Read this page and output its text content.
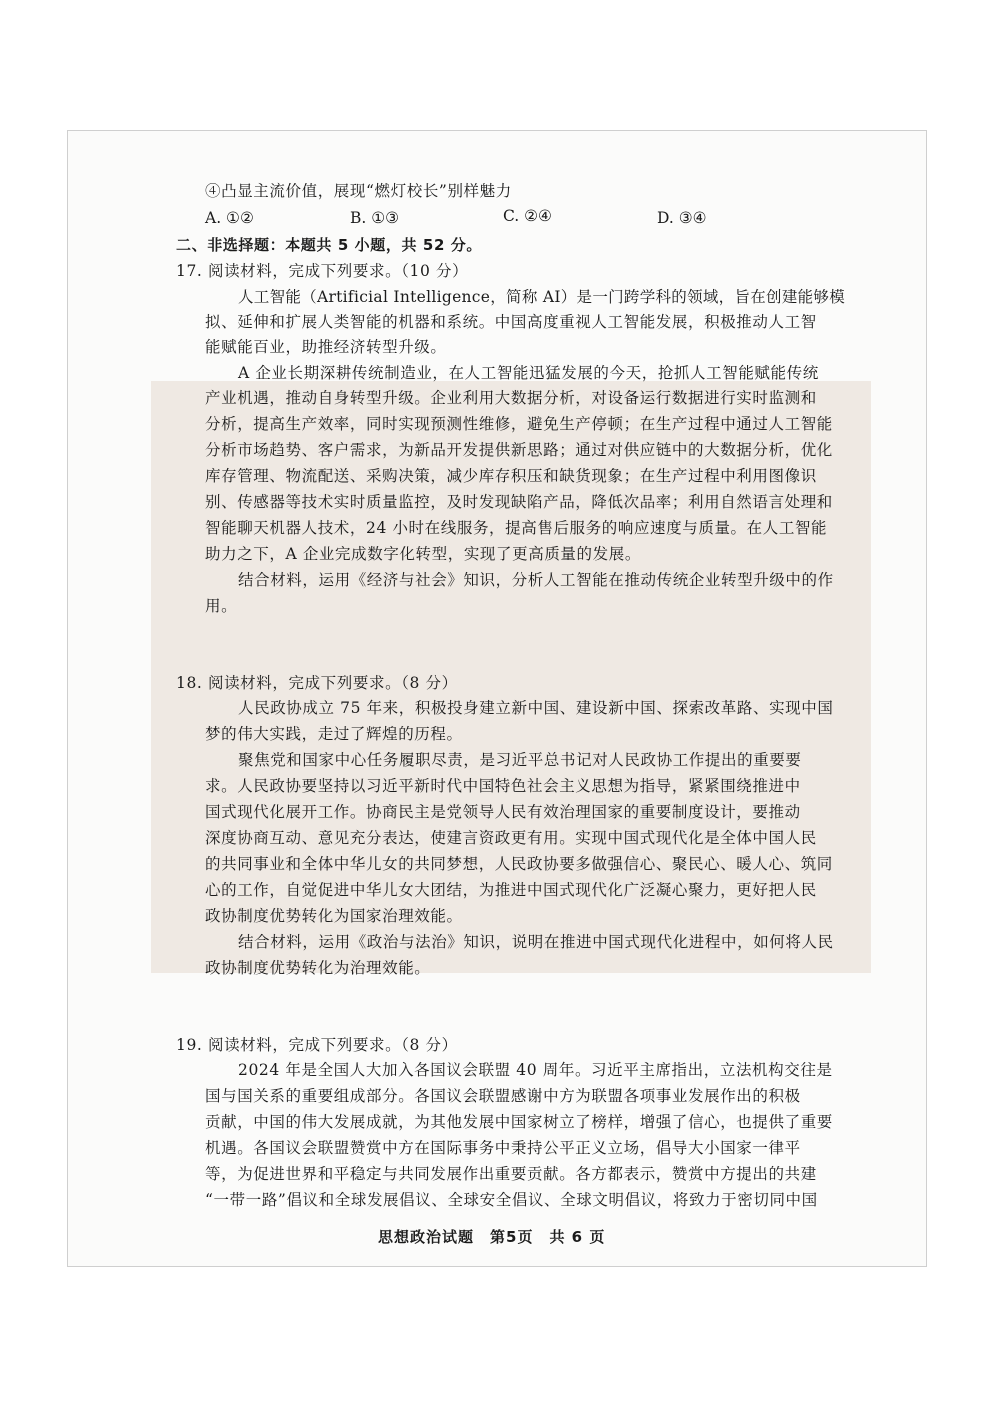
④凸显主流价值，展现“燃灯校长”别样魅力
A. ①②	B. ①③	C. ②④	D. ③④
二、非选择题：本题共 5 小题，共 52 分。
17. 阅读材料，完成下列要求。（10 分）
人工智能（Artificial Intelligence，简称 AI）是一门跨学科的领域，旨在创建能够模
拟、延伸和扩展人类智能的机器和系统。中国高度重视人工智能发展，积极推动人工智
能赋能百业，助推经济转型升级。
A 企业长期深耕传统制造业，在人工智能迅猛发展的今天，抢抓人工智能赋能传统
产业机遇，推动自身转型升级。企业利用大数据分析，对设备运行数据进行实时监测和
分析，提高生产效率，同时实现预测性维修，避免生产停顿；在生产过程中通过人工智能
分析市场趋势、客户需求，为新品开发提供新思路；通过对供应链中的大数据分析，优化
库存管理、物流配送、采购决策，减少库存积压和缺货现象；在生产过程中利用图像识
别、传感器等技术实时质量监控，及时发现缺陷产品，降低次品率；利用自然语言处理和
智能聊天机器人技术，24 小时在线服务，提高售后服务的响应速度与质量。在人工智能
助力之下，A 企业完成数字化转型，实现了更高质量的发展。
结合材料，运用《经济与社会》知识，分析人工智能在推动传统企业转型升级中的作
用。
18. 阅读材料，完成下列要求。（8 分）
人民政协成立 75 年来，积极投身建立新中国、建设新中国、探索改革路、实现中国
梦的伟大实践，走过了辉煌的历程。
聚焦党和国家中心任务履职尽责，是习近平总书记对人民政协工作提出的重要要
求。人民政协要坚持以习近平新时代中国特色社会主义思想为指导，紧紧围绕推进中
国式现代化展开工作。协商民主是党领导人民有效治理国家的重要制度设计，要推动
深度协商互动、意见充分表达，使建言资政更有用。实现中国式现代化是全体中国人民
的共同事业和全体中华儿女的共同梦想，人民政协要多做强信心、聚民心、暖人心、筑同
心的工作，自觉促进中华儿女大团结，为推进中国式现代化广泛凝心聚力，更好把人民
政协制度优势转化为国家治理效能。
结合材料，运用《政治与法治》知识，说明在推进中国式现代化进程中，如何将人民
政协制度优势转化为治理效能。
19. 阅读材料，完成下列要求。（8 分）
2024 年是全国人大加入各国议会联盟 40 周年。习近平主席指出，立法机构交往是
国与国关系的重要组成部分。各国议会联盟感谢中方为联盟各项事业发展作出的积极
贡献，中国的伟大发展成就，为其他发展中国家树立了榜样，增强了信心，也提供了重要
机遇。各国议会联盟赞赏中方在国际事务中秉持公平正义立场，倡导大小国家一律平
等，为促进世界和平稳定与共同发展作出重要贡献。各方都表示，赞赏中方提出的共建
“一带一路”倡议和全球发展倡议、全球安全倡议、全球文明倡议，将致力于密切同中国
思想政治试题　第5页　共 6 页
